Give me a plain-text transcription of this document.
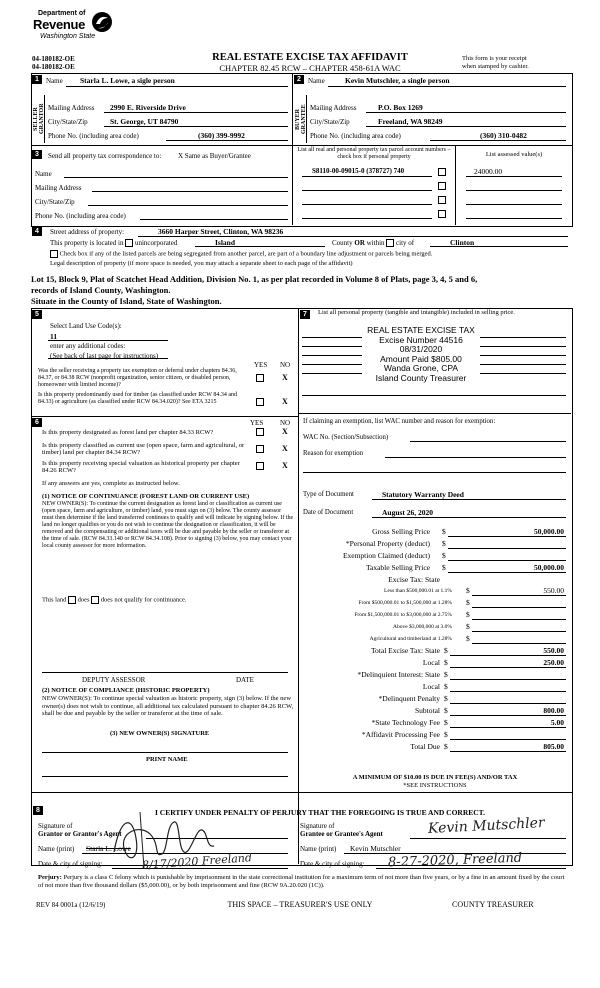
Department of
Revenue
Washington State
04-180182-OE
04-180182-OE
REAL ESTATE EXCISE TAX AFFIDAVIT
CHAPTER 82.45 RCW – CHAPTER 458-61A WAC
This form is your receipt
when stamped by cashier.
1	Name Starla L. Lowe, a sigle person
SELLER GRANTOR Mailing Address 2990 E. Riverside Drive
City/State/Zip	St. George, UT 84790
Phone No. (including area code)	(360) 399-9992
2	Name	Kevin Mutschler, a single person
BUYER GRANTEE Mailing Address	P.O. Box 1269
City/State/Zip	Freeland, WA 98249
Phone No. (including area code)	(360) 310-0482
3	Send all property tax correspondence to: X Same as Buyer/Grantee
Name
Mailing Address
City/State/Zip
Phone No. (including area code)
List all real and personal property tax parcel account numbers – check box if personal property	List assessed value(s)
S8110-00-09015-0 (378727) 740	24000.00
4	Street address of property:	3660 Harper Street, Clinton, WA 98236
This property is located in unincorporated	Island	County OR within city of	Clinton
Check box if any of the listed parcels are being segregated from another parcel, are part of a boundary line adjustment or parcels being merged.
Legal description of property (if more space is needed, you may attach a separate sheet to each page of the affidavit)
Lot 15, Block 9, Plat of Scatchet Head Addition, Division No. 1, as per plat recorded in Volume 8 of Plats, page 3, 4, 5 and 6,
records of Island County, Washington.
Situate in the County of Island, State of Washington.
5
Select Land Use Code(s):
11
enter any additional codes:
(See back of last page for instructions)
YES NO
Was the seller receiving a property tax exemption or deferral under chapters 84.36, 84.37, or 84.38 RCW (nonprofit organization, senior citizen, or disabled person, homeowner with limited income)?
X
Is this property predominantly used for timber (as classified under RCW 84.34 and 84.33) or agriculture (as classified under RCW 84.34.020)? See ETA 3215	X
6	YES NO
Is this property designated as forest land per chapter 84.33 RCW?	X
Is this property classified as current use (open space, farm and agricultural, or timber) land per chapter 84.34 RCW?	X
Is this property receiving special valuation as historical property per chapter 84.26 RCW?
X
If any answers are yes, complete as instructed below.
(1) NOTICE OF CONTINUANCE (FOREST LAND OR CURRENT USE)
NEW OWNER(S): To continue the current designation as forest land or classification as current use (open space, farm and agriculture, or timber) land, you must sign on (3) below. The county assessor must then determine if the land transferred continues to qualify and will indicate by signing below. If the land no longer qualifies or you do not wish to continue the designation or classification, it will be removed and the compensating or additional taxes will be due and payable by the seller or transferor at the time of sale. (RCW 84.33.140 or RCW 84.34.108). Prior to signing (3) below, you may contact your local county assessor for more information.
This land does does not qualify for continuance.
DEPUTY ASSESSOR	DATE
(2) NOTICE OF COMPLIANCE (HISTORIC PROPERTY)
NEW OWNER(S): To continue special valuation as historic property, sign (3) below. If the new owner(s) does not wish to continue, all additional tax calculated pursuant to chapter 84.26 RCW, shall be due and payable by the seller or transferor at the time of sale.
(3) NEW OWNER(S) SIGNATURE
PRINT NAME
7	List all personal property (tangible and intangible) included in selling price.
REAL ESTATE EXCISE TAX
Excise Number 44516
08/31/2020
Amount Paid $805.00
Wanda Grone, CPA
Island County Treasurer
If claiming an exemption, list WAC number and reason for exemption:
WAC No. (Section/Subsection)
Reason for exemption
Type of Document	Statutory Warranty Deed
Date of Document	August 26, 2020
Gross Selling Price $	50,000.00
*Personal Property (deduct) $
Exemption Claimed (deduct) $
Taxable Selling Price $	50,000.00
Excise Tax: State
Less than $500,000.01 at 1.1% $	550.00
From $500,000.01 to $1,500,000 at 1.28% $
From $1,500,000.01 to $3,000,000 at 2.75% $
Above $3,000,000 at 3.0% $
Agricultural and timberland at 1.28% $
Total Excise Tax: State $	550.00
Local $	250.00
*Delinquient Interest: State $
Local $
*Delinquent Penalty $
Subtotal $	800.00
*State Technology Fee $	5.00
*Affidavit Processing Fee $
Total Due $	805.00
A MINIMUM OF $10.00 IS DUE IN FEE(S) AND/OR TAX
*SEE INSTRUCTIONS
8	I CERTIFY UNDER PENALTY OF PERJURY THAT THE FOREGOING IS TRUE AND CORRECT.
Signature of
Grantor or Grantor's Agent
Name (print) Starla L. Lowe
Date & city of signing:	8/17/2020 Freeland
Signature of
Grantee or Grantee's Agent	Kevin Mutschler
Name (print) Kevin Mutschler
Date & city of signing: 8-27-2020, Freeland
Perjury: Perjury is a class C felony which is punishable by imprisonment in the state correctional institution for a maximum term of not more than five years, or by a fine in an amount fixed by the court of not more than five thousand dollars ($5,000.00), or by both imprisonment and fine (RCW 9A.20.020 (1C)).
REV 84 0001a (12/6/19)	THIS SPACE – TREASURER'S USE ONLY	COUNTY TREASURER
